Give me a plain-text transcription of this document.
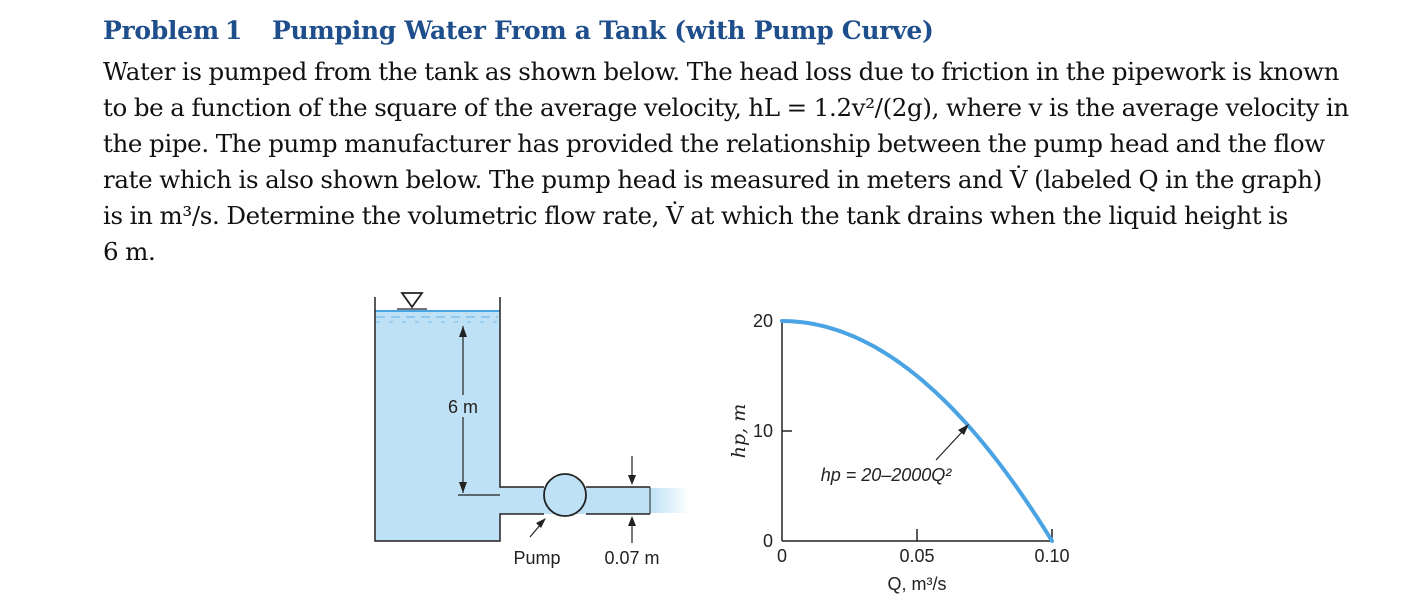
Problem 1 Pumping Water From a Tank (with Pump Curve)

Water is pumped from the tank as shown below. The head loss due to friction in the pipework is known
to be a function of the square of the average velocity, hL = 1.2v²/(2g), where v is the average velocity in
the pipe. The pump manufacturer has provided the relationship between the pump head and the flow
rate which is also shown below. The pump head is measured in meters and V̇ (labeled Q in the graph)
is in m³/s. Determine the volumetric flow rate, V̇ at which the tank drains when the liquid height is
6 m.

6 m
Pump 0.07 m
0
10
20
0	0.05	0.10
hp = 20–2000Q²
hp, m
Q, m³/s
